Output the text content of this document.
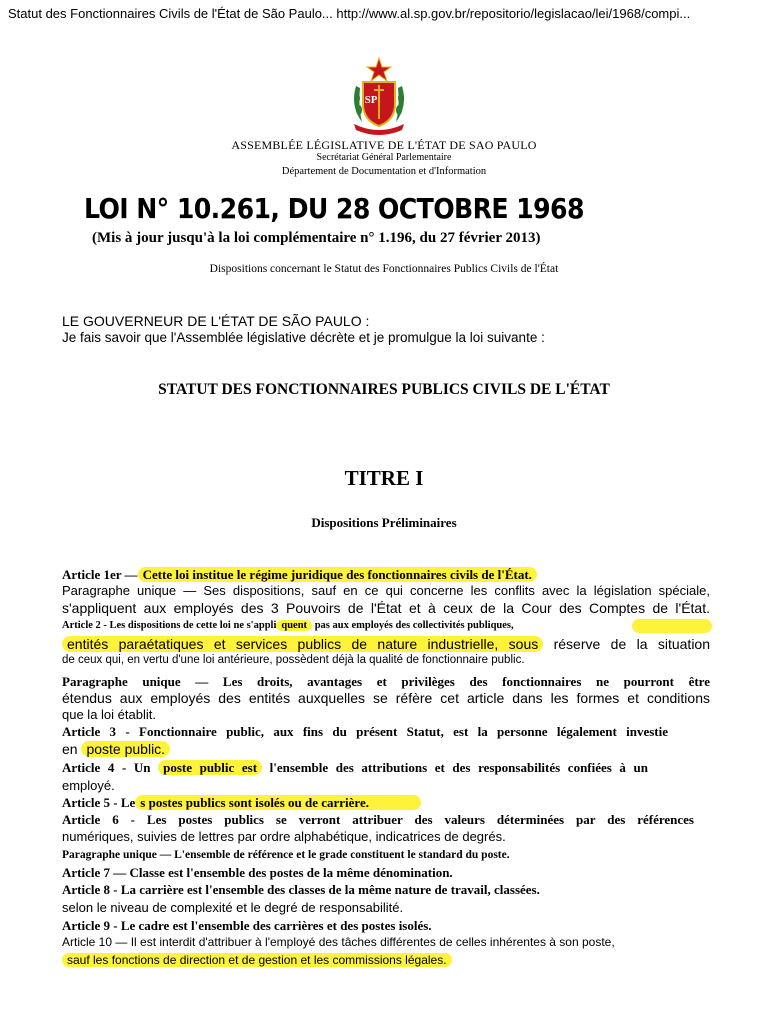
Statut des Fonctionnaires Civils de l'État de São Paulo... http://www.al.sp.gov.br/repositorio/legislacao/lei/1968/compi...
SP
ASSEMBLÉE LÉGISLATIVE DE L'ÉTAT DE SAO PAULO
Secrétariat Général Parlementaire
Département de Documentation et d'Information
LOI N° 10.261, DU 28 OCTOBRE 1968
(Mis à jour jusqu'à la loi complémentaire n° 1.196, du 27 février 2013)
Dispositions concernant le Statut des Fonctionnaires Publics Civils de l'État
LE GOUVERNEUR DE L'ÉTAT DE SÃO PAULO :
Je fais savoir que l'Assemblée législative décrète et je promulgue la loi suivante :
STATUT DES FONCTIONNAIRES PUBLICS CIVILS DE L'ÉTAT
TITRE I
Dispositions Préliminaires
Article 1er — Cette loi institue le régime juridique des fonctionnaires civils de l'État.
Paragraphe unique — Ses dispositions, sauf en ce qui concerne les conflits avec la législation spéciale,
s'appliquent aux employés des 3 Pouvoirs de l'État et à ceux de la Cour des Comptes de l'État.
Article 2 - Les dispositions de cette loi ne s'appli quent pas aux employés des collectivités publiques,
entités paraétatiques et services publics de nature industrielle, sous réserve de la situation
de ceux qui, en vertu d'une loi antérieure, possèdent déjà la qualité de fonctionnaire public.
Paragraphe unique — Les droits, avantages et privilèges des fonctionnaires ne pourront être
étendus aux employés des entités auxquelles se réfère cet article dans les formes et conditions
que la loi établit.
Article 3 - Fonctionnaire public, aux fins du présent Statut, est la personne légalement investie
en poste public.
Article 4 - Un poste public est l'ensemble des attributions et des responsabilités confiées à un
employé.
Article 5 - Le s postes publics sont isolés ou de carrière.
Article 6 - Les postes publics se verront attribuer des valeurs déterminées par des références
numériques, suivies de lettres par ordre alphabétique, indicatrices de degrés.
Paragraphe unique — L'ensemble de référence et le grade constituent le standard du poste.
Article 7 — Classe est l'ensemble des postes de la même dénomination.
Article 8 - La carrière est l'ensemble des classes de la même nature de travail, classées.
selon le niveau de complexité et le degré de responsabilité.
Article 9 - Le cadre est l'ensemble des carrières et des postes isolés.
Article 10 — Il est interdit d'attribuer à l'employé des tâches différentes de celles inhérentes à son poste,
sauf les fonctions de direction et de gestion et les commissions légales.
